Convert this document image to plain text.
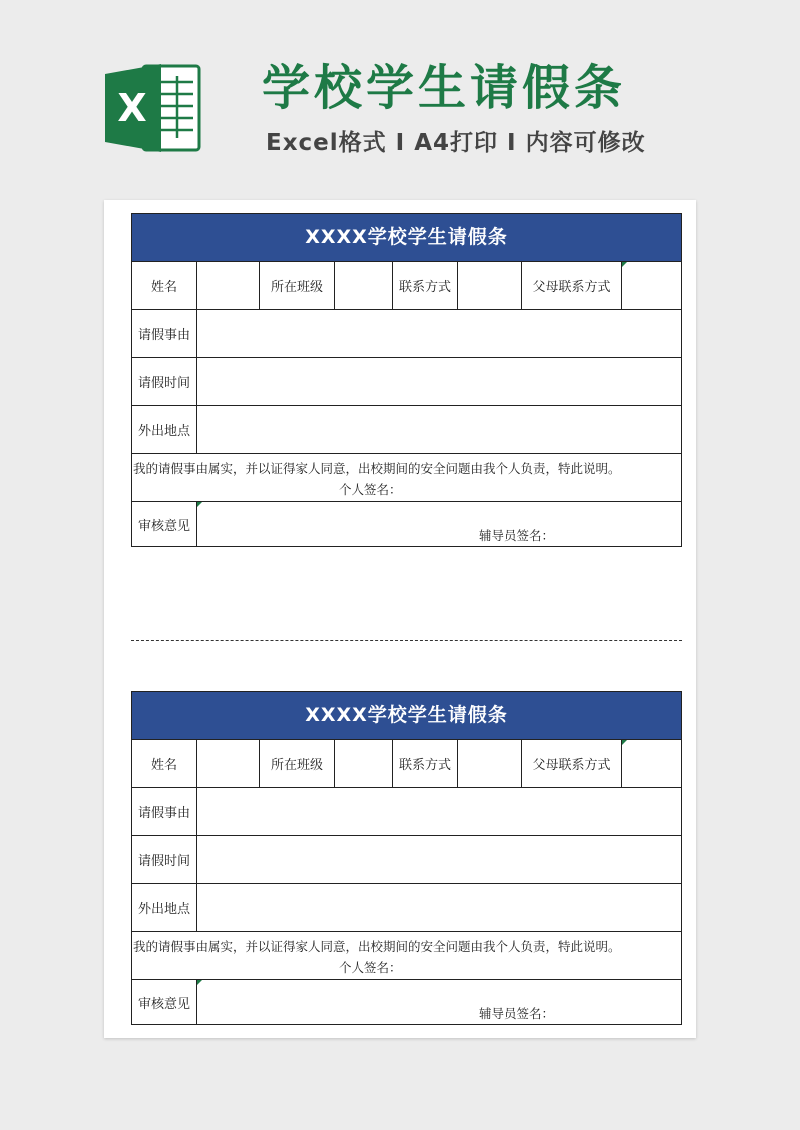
X 学校学生请假条
Excel格式 I A4打印 I 内容可修改
XXXX学校学生请假条
姓名	所在班级	联系方式	父母联系方式
请假事由
请假时间
外出地点
我的请假事由属实，并以证得家人同意，出校期间的安全问题由我个人负责，特此说明。
个人签名：
审核意见
辅导员签名：
XXXX学校学生请假条
姓名	所在班级	联系方式	父母联系方式
请假事由
请假时间
外出地点
我的请假事由属实，并以证得家人同意，出校期间的安全问题由我个人负责，特此说明。
个人签名：
审核意见
辅导员签名：
